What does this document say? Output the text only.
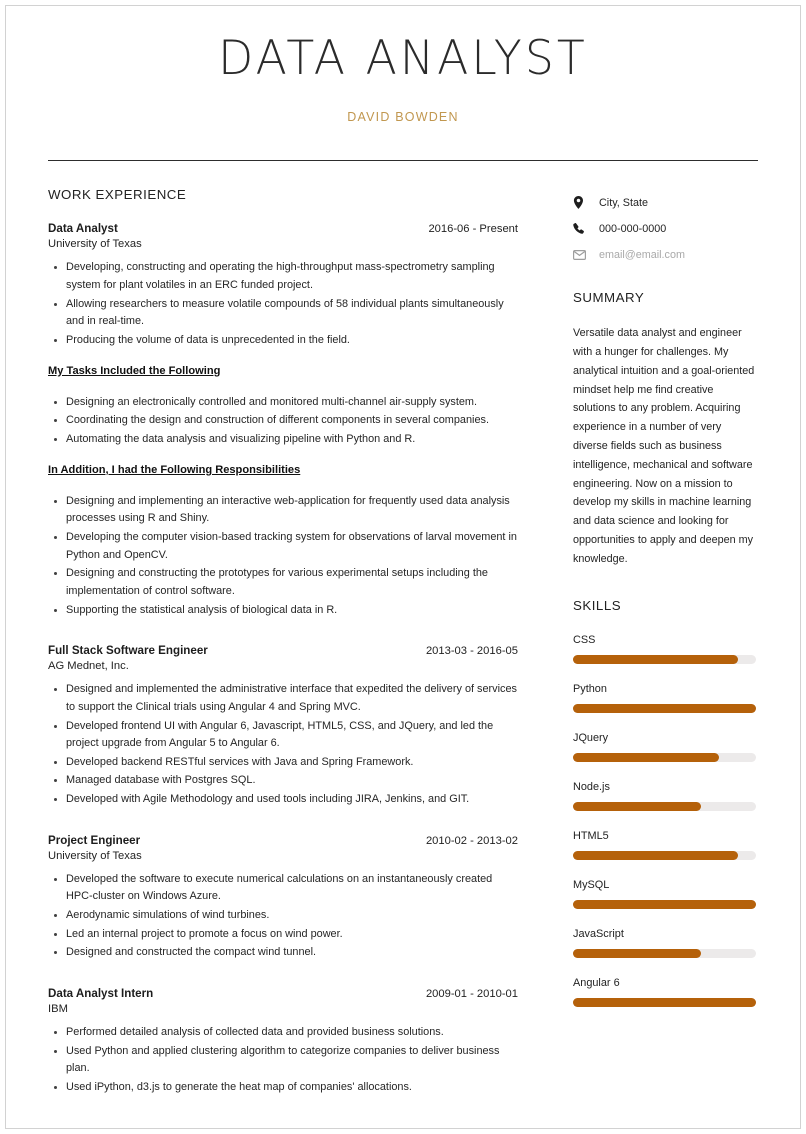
DATA ANALYST
DAVID BOWDEN
WORK EXPERIENCE
Data Analyst	2016-06 - Present
University of Texas
Developing, constructing and operating the high-throughput mass-spectrometry sampling system for plant volatiles in an ERC funded project.
Allowing researchers to measure volatile compounds of 58 individual plants simultaneously and in real-time.
Producing the volume of data is unprecedented in the field.
My Tasks Included the Following
Designing an electronically controlled and monitored multi-channel air-supply system.
Coordinating the design and construction of different components in several companies.
Automating the data analysis and visualizing pipeline with Python and R.
In Addition, I had the Following Responsibilities
Designing and implementing an interactive web-application for frequently used data analysis processes using R and Shiny.
Developing the computer vision-based tracking system for observations of larval movement in Python and OpenCV.
Designing and constructing the prototypes for various experimental setups including the implementation of control software.
Supporting the statistical analysis of biological data in R.
Full Stack Software Engineer	2013-03 - 2016-05
AG Mednet, Inc.
Designed and implemented the administrative interface that expedited the delivery of services to support the Clinical trials using Angular 4 and Spring MVC.
Developed frontend UI with Angular 6, Javascript, HTML5, CSS, and JQuery, and led the project upgrade from Angular 5 to Angular 6.
Developed backend RESTful services with Java and Spring Framework.
Managed database with Postgres SQL.
Developed with Agile Methodology and used tools including JIRA, Jenkins, and GIT.
Project Engineer	2010-02 - 2013-02
University of Texas
Developed the software to execute numerical calculations on an instantaneously created HPC-cluster on Windows Azure.
Aerodynamic simulations of wind turbines.
Led an internal project to promote a focus on wind power.
Designed and constructed the compact wind tunnel.
Data Analyst Intern	2009-01 - 2010-01
IBM
Performed detailed analysis of collected data and provided business solutions.
Used Python and applied clustering algorithm to categorize companies to deliver business plan.
Used iPython, d3.js to generate the heat map of companies' allocations.
City, State
000-000-0000
email@email.com
SUMMARY
Versatile data analyst and engineer with a hunger for challenges. My analytical intuition and a goal-oriented mindset help me find creative solutions to any problem. Acquiring experience in a number of very diverse fields such as business intelligence, mechanical and software engineering. Now on a mission to develop my skills in machine learning and data science and looking for opportunities to apply and deepen my knowledge.
SKILLS
CSS
Python
JQuery
Node.js
HTML5
MySQL
JavaScript
Angular 6
